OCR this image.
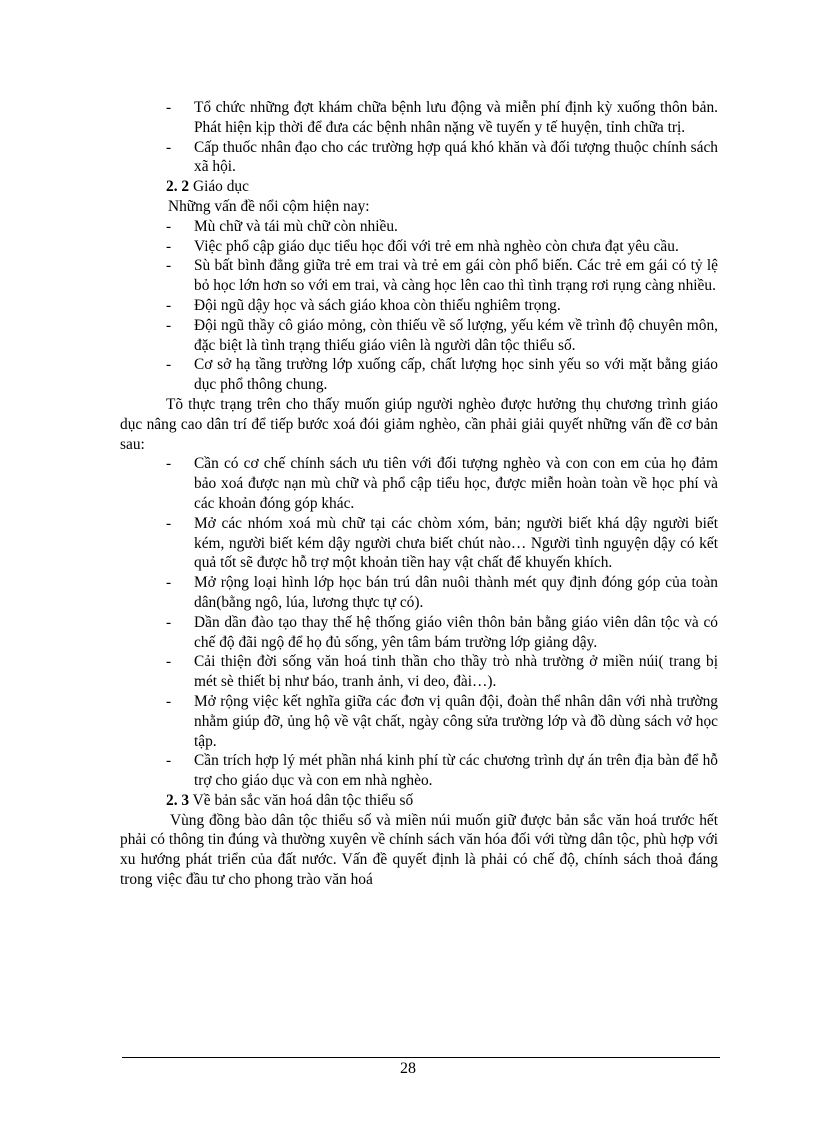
- Tổ chức những đợt khám chữa bệnh lưu động và miễn phí định kỳ xuống thôn bản. Phát hiện kịp thời để đưa các bệnh nhân nặng về tuyến y tế huyện, tỉnh chữa trị.
- Cấp thuốc nhân đạo cho các trường hợp quá khó khăn và đối tượng thuộc chính sách xã hội.

2. 2 Giáo dục

Những vấn đề nổi cộm hiện nay:

- Mù chữ và tái mù chữ còn nhiều.
- Việc phổ cập giáo dục tiểu học đối với trẻ em nhà nghèo còn chưa đạt yêu cầu.
- Sù bất bình đẳng giữa trẻ em trai và trẻ em gái còn phổ biến. Các trẻ em gái có tỷ lệ bỏ học lớn hơn so với em trai, và càng học lên cao thì tình trạng rơi rụng càng nhiều.
- Đội ngũ dậy học và sách giáo khoa còn thiếu nghiêm trọng.
- Đội ngũ thầy cô giáo mỏng, còn thiếu về số lượng, yếu kém về trình độ chuyên môn, đặc biệt là tình trạng thiếu giáo viên là người dân tộc thiểu số.
- Cơ sở hạ tầng trường lớp xuống cấp, chất lượng học sinh yếu so với mặt bằng giáo dục phổ thông chung.

Tõ thực trạng trên cho thấy muốn giúp người nghèo được hưởng thụ chương trình giáo dục nâng cao dân trí để tiếp bước xoá đói giảm nghèo, cần phải giải quyết những vấn đề cơ bản sau:

- Cần có cơ chế chính sách ưu tiên với đối tượng nghèo và con con em của họ đảm bảo xoá được nạn mù chữ và phổ cập tiểu học, được miễn hoàn toàn về học phí và các khoản đóng góp khác.
- Mở các nhóm xoá mù chữ tại các chòm xóm, bản; người biết khá dậy người biết kém, người biết kém dậy người chưa biết chút nào… Người tình nguyện dậy có kết quả tốt sẽ được hỗ trợ một khoản tiền hay vật chất để khuyến khích.
- Mở rộng loại hình lớp học bán trú dân nuôi thành mét quy định đóng góp của toàn dân(bằng ngô, lúa, lương thực tự có).
- Dần dần đào tạo thay thế hệ thống giáo viên thôn bản bằng giáo viên dân tộc và có chế độ đãi ngộ để họ đủ sống, yên tâm bám trường lớp giảng dậy.
- Cải thiện đời sống văn hoá tinh thần cho thầy trò nhà trường ở miền núi( trang bị mét sè thiết bị như báo, tranh ảnh, vi deo, đài…).
- Mở rộng việc kết nghĩa giữa các đơn vị quân đội, đoàn thể nhân dân với nhà trường nhằm giúp đỡ, ủng hộ về vật chất, ngày công sửa trường lớp và đồ dùng sách vở học tập.
- Cần trích hợp lý mét phần nhá kinh phí từ các chương trình dự án trên địa bàn để hỗ trợ cho giáo dục và con em nhà nghèo.

2. 3 Về bản sắc văn hoá dân tộc thiểu số

Vùng đồng bào dân tộc thiểu số và miền núi muốn giữ được bản sắc văn hoá trước hết phải có thông tin đúng và thường xuyên về chính sách văn hóa đối với từng dân tộc, phù hợp với xu hướng phát triển của đất nước. Vấn đề quyết định là phải có chế độ, chính sách thoả đáng trong việc đầu tư cho phong trào văn hoá

28
